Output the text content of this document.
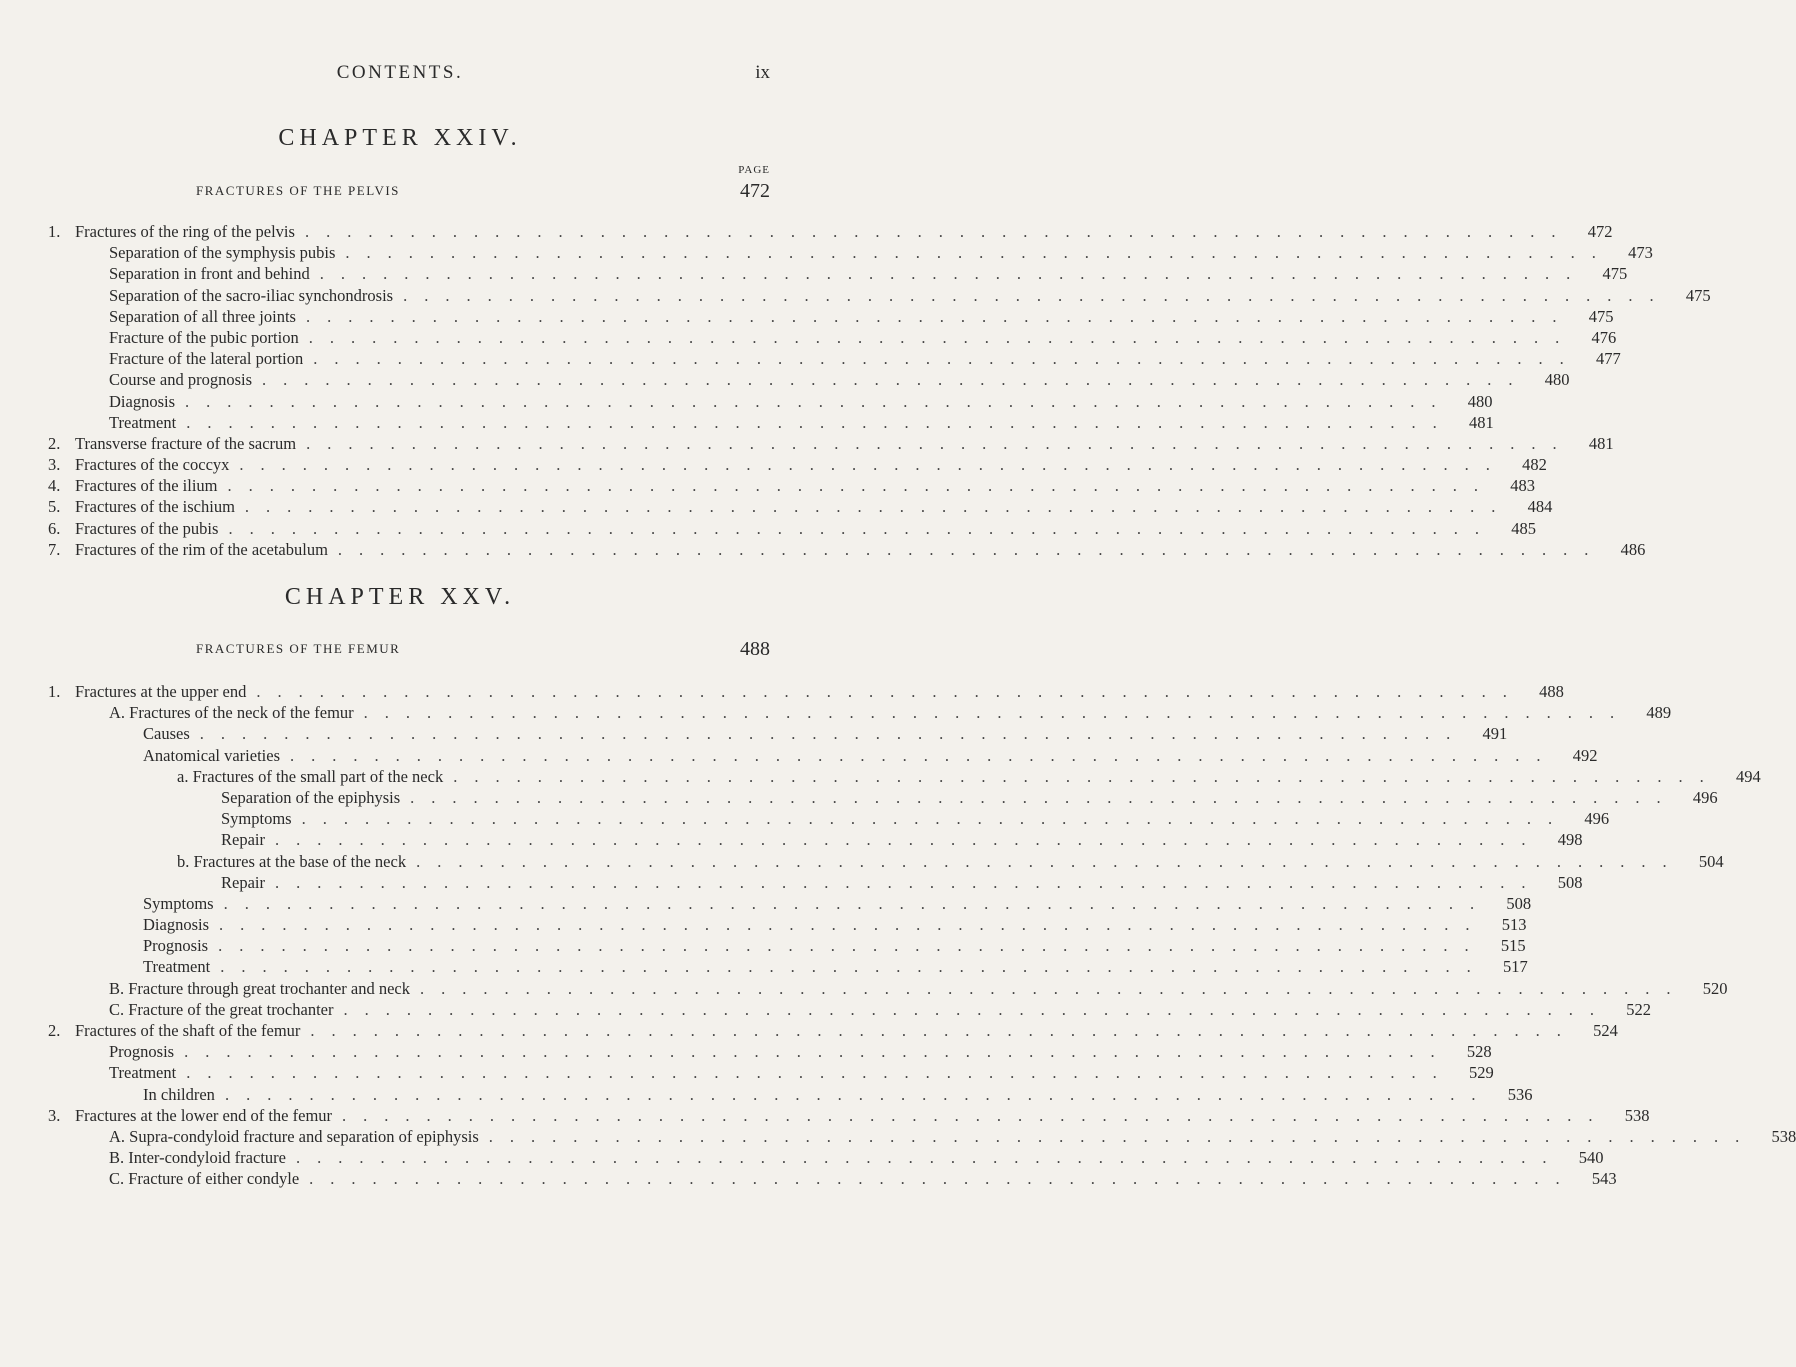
CONTENTS.	ix
CHAPTER XXIV.
PAGE
FRACTURES OF THE PELVIS	472
1. Fractures of the ring of the pelvis ............................................................ 472
Separation of the symphysis pubis ............................................................ 473
Separation in front and behind ............................................................ 475
Separation of the sacro-iliac synchondrosis ............................................................ 475
Separation of all three joints ............................................................ 475
Fracture of the pubic portion ............................................................ 476
Fracture of the lateral portion ............................................................ 477
Course and prognosis ............................................................ 480
Diagnosis ............................................................ 480
Treatment ............................................................ 481
2. Transverse fracture of the sacrum ............................................................ 481
3. Fractures of the coccyx ............................................................ 482
4. Fractures of the ilium ............................................................ 483
5. Fractures of the ischium ............................................................ 484
6. Fractures of the pubis ............................................................ 485
7. Fractures of the rim of the acetabulum ............................................................ 486
CHAPTER XXV.
FRACTURES OF THE FEMUR	488
1. Fractures at the upper end ............................................................ 488
A. Fractures of the neck of the femur ............................................................ 489
Causes ............................................................ 491
Anatomical varieties ............................................................ 492
a. Fractures of the small part of the neck ............................................................ 494
Separation of the epiphysis ............................................................ 496
Symptoms ............................................................ 496
Repair ............................................................ 498
b. Fractures at the base of the neck ............................................................ 504
Repair ............................................................ 508
Symptoms ............................................................ 508
Diagnosis ............................................................ 513
Prognosis ............................................................ 515
Treatment ............................................................ 517
B. Fracture through great trochanter and neck ............................................................ 520
C. Fracture of the great trochanter ............................................................ 522
2. Fractures of the shaft of the femur ............................................................ 524
Prognosis ............................................................ 528
Treatment ............................................................ 529
In children ............................................................ 536
3. Fractures at the lower end of the femur ............................................................ 538
A. Supra-condyloid fracture and separation of epiphysis ............................................................ 538
B. Inter-condyloid fracture ............................................................ 540
C. Fracture of either condyle ............................................................ 543
